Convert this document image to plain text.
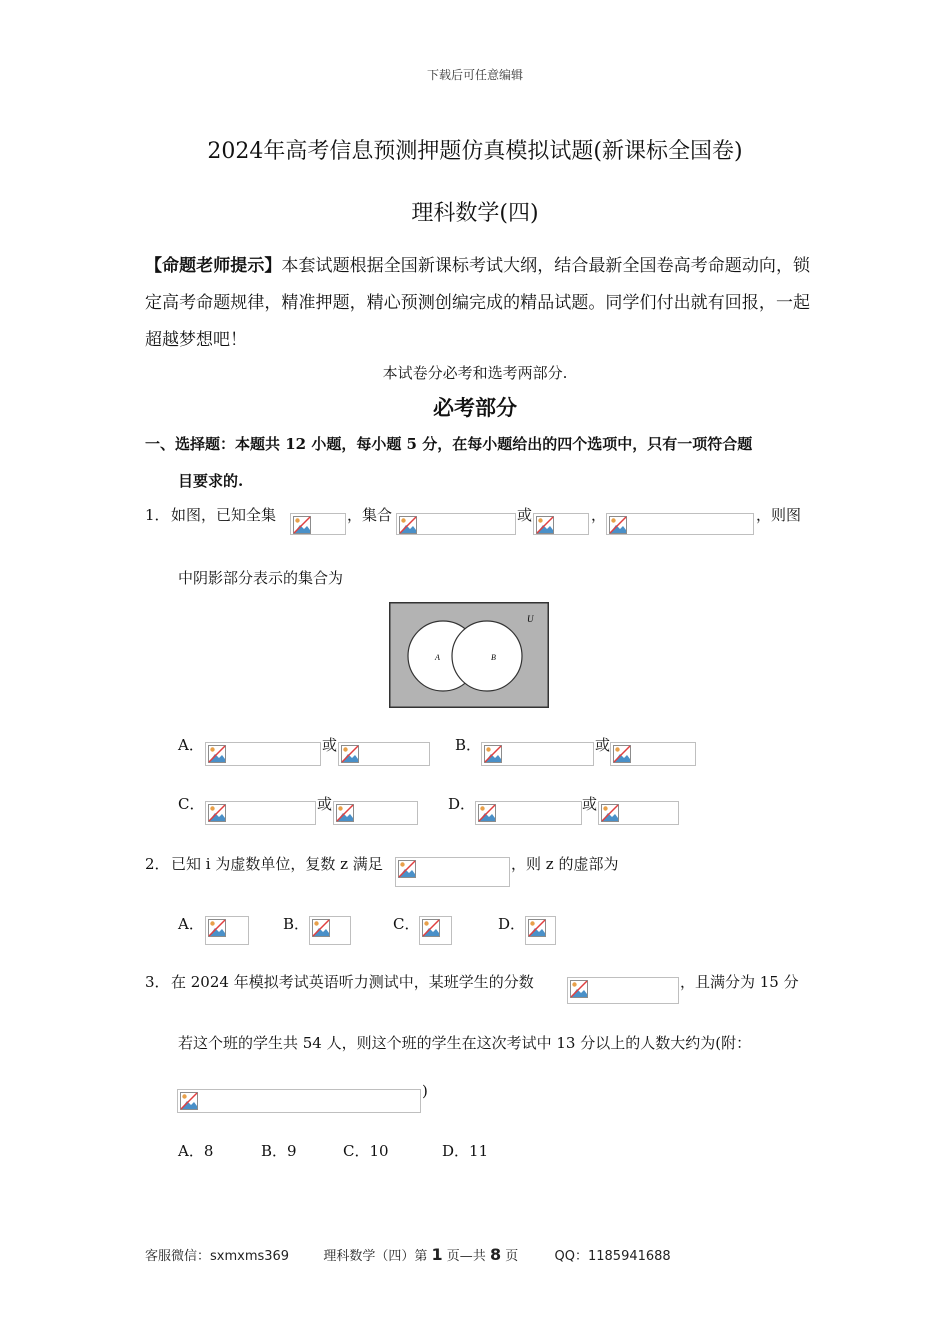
下载后可任意编辑
2024年高考信息预测押题仿真模拟试题(新课标全国卷)
理科数学(四)
【命题老师提示】本套试题根据全国新课标考试大纲，结合最新全国卷高考命题动向，锁定高考命题规律，精准押题，精心预测创编完成的精品试题。同学们付出就有回报，一起超越梦想吧！
本试卷分必考和选考两部分.
必考部分
一、选择题：本题共 12 小题，每小题 5 分，在每小题给出的四个选项中，只有一项符合题
目要求的.
1． 如图，已知全集	，集合	或	，	，则图
中阴影部分表示的集合为
U
A	B
A．	或	B．	或
C．	或	D．	或
2． 已知 i 为虚数单位，复数 z 满足	，则 z 的虚部为
A．	B．	C．	D．
3． 在 2024 年模拟考试英语听力测试中，某班学生的分数	，且满分为 15 分
若这个班的学生共 54 人，则这个班的学生在这次考试中 13 分以上的人数大约为(附：
)
A．8	B．9	C．10	D．11
客服微信：sxmxms369	理科数学（四）第 1 页—共 8 页	QQ：1185941688
